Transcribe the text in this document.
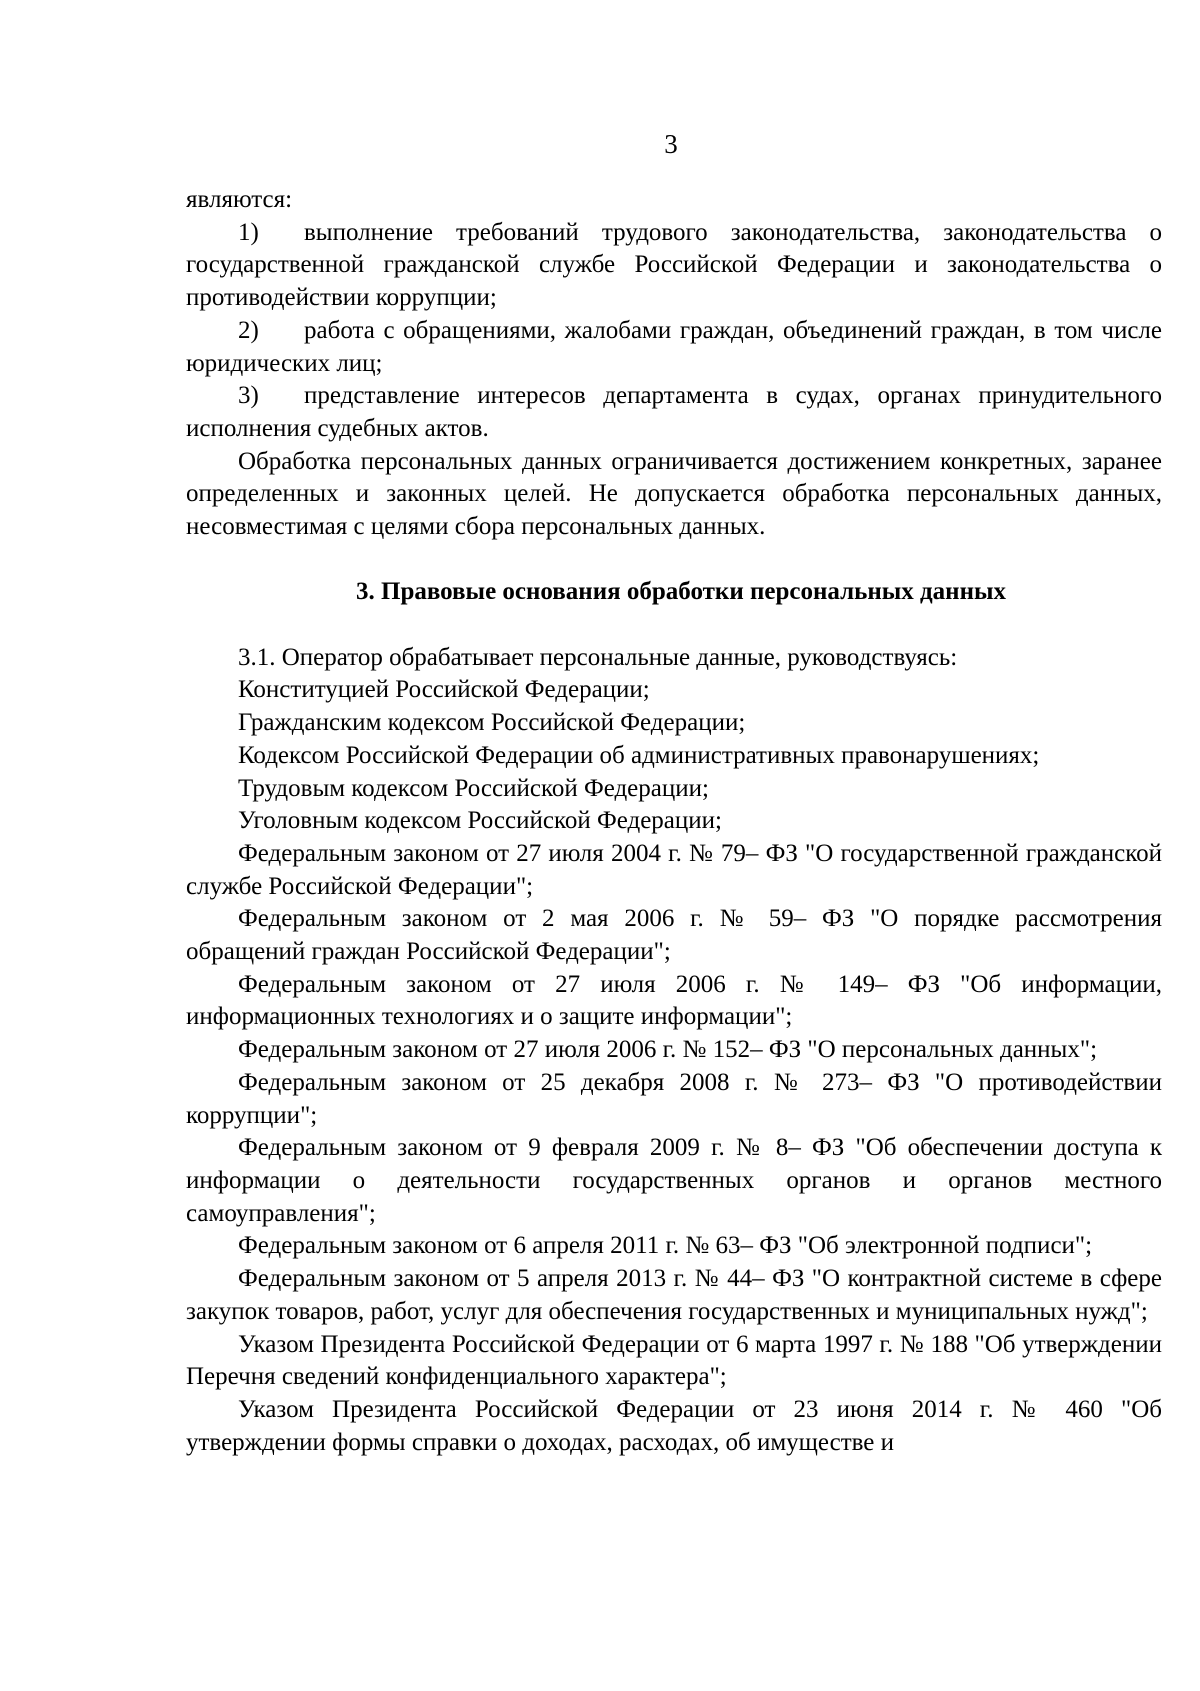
3

являются:

1) выполнение требований трудового законодательства, законодательства о государственной гражданской службе Российской Федерации и законодательства о противодействии коррупции;

2) работа с обращениями, жалобами граждан, объединений граждан, в том числе юридических лиц;

3) представление интересов департамента в судах, органах принудительного исполнения судебных актов.

Обработка персональных данных ограничивается достижением конкретных, заранее определенных и законных целей. Не допускается обработка персональных данных, несовместимая с целями сбора персональных данных.

3. Правовые основания обработки персональных данных

3.1. Оператор обрабатывает персональные данные, руководствуясь:

Конституцией Российской Федерации;

Гражданским кодексом Российской Федерации;

Кодексом Российской Федерации об административных правонарушениях;

Трудовым кодексом Российской Федерации;

Уголовным кодексом Российской Федерации;

Федеральным законом от 27 июля 2004 г. № 79– ФЗ "О государственной гражданской службе Российской Федерации";

Федеральным законом от 2 мая 2006 г. № 59– ФЗ "О порядке рассмотрения обращений граждан Российской Федерации";

Федеральным законом от 27 июля 2006 г. № 149– ФЗ "Об информации, информационных технологиях и о защите информации";

Федеральным законом от 27 июля 2006 г. № 152– ФЗ "О персональных данных";

Федеральным законом от 25 декабря 2008 г. № 273– ФЗ "О противодействии коррупции";

Федеральным законом от 9 февраля 2009 г. № 8– ФЗ "Об обеспечении доступа к информации о деятельности государственных органов и органов местного самоуправления";

Федеральным законом от 6 апреля 2011 г. № 63– ФЗ "Об электронной подписи";

Федеральным законом от 5 апреля 2013 г. № 44– ФЗ "О контрактной системе в сфере закупок товаров, работ, услуг для обеспечения государственных и муниципальных нужд";

Указом Президента Российской Федерации от 6 марта 1997 г. № 188 "Об утверждении Перечня сведений конфиденциального характера";

Указом Президента Российской Федерации от 23 июня 2014 г. № 460 "Об утверждении формы справки о доходах, расходах, об имуществе и
